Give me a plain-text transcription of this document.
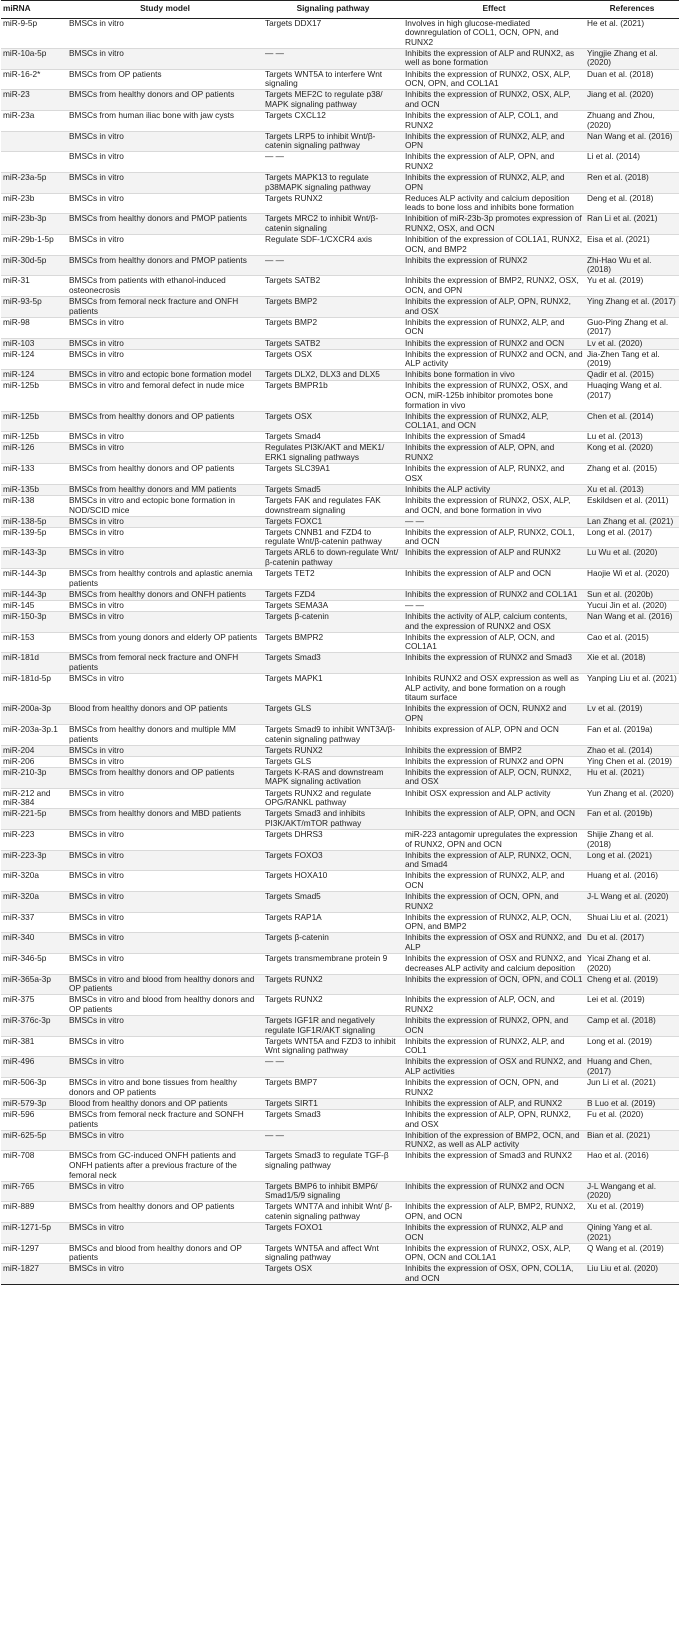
miRNA	Study model	Signaling pathway	Effect	References
miR-9-5p	BMSCs in vitro	Targets DDX17	Involves in high glucose-mediated downregulation of COL1, OCN, OPN, and RUNX2	He et al. (2021)
miR-10a-5p	BMSCs in vitro	— —	Inhibits the expression of ALP and RUNX2, as well as bone formation	Yingjie Zhang et al. (2020)
miR-16-2*	BMSCs from OP patients	Targets WNT5A to interfere Wnt signaling	Inhibits the expression of RUNX2, OSX, ALP, OCN, OPN, and COL1A1	Duan et al. (2018)
miR-23	BMSCs from healthy donors and OP patients	Targets MEF2C to regulate p38/ MAPK signaling pathway	Inhibits the expression of RUNX2, OSX, ALP, and OCN	Jiang et al. (2020)
miR-23a	BMSCs from human iliac bone with jaw cysts	Targets CXCL12	Inhibits the expression of ALP, COL1, and RUNX2	Zhuang and Zhou, (2020)
	BMSCs in vitro	Targets LRP5 to inhibit Wnt/β-catenin signaling pathway	Inhibits the expression of RUNX2, ALP, and OPN	Nan Wang et al. (2016)
	BMSCs in vitro	— —	Inhibits the expression of ALP, OPN, and RUNX2	Li et al. (2014)
miR-23a-5p	BMSCs in vitro	Targets MAPK13 to regulate p38MAPK signaling pathway	Inhibits the expression of RUNX2, ALP, and OPN	Ren et al. (2018)
miR-23b	BMSCs in vitro	Targets RUNX2	Reduces ALP activity and calcium deposition leads to bone loss and inhibits bone formation	Deng et al. (2018)
miR-23b-3p	BMSCs from healthy donors and PMOP patients	Targets MRC2 to inhibit Wnt/β-catenin signaling	Inhibition of miR-23b-3p promotes expression of RUNX2, OSX, and OCN	Ran Li et al. (2021)
miR-29b-1-5p	BMSCs in vitro	Regulate SDF-1/CXCR4 axis	Inhibition of the expression of COL1A1, RUNX2, OCN, and BMP2	Eisa et al. (2021)
miR-30d-5p	BMSCs from healthy donors and PMOP patients	— —	Inhibits the expression of RUNX2	Zhi-Hao Wu et al. (2018)
miR-31	BMSCs from patients with ethanol-induced osteonecrosis	Targets SATB2	Inhibits the expression of BMP2, RUNX2, OSX, OCN, and OPN	Yu et al. (2019)
miR-93-5p	BMSCs from femoral neck fracture and ONFH patients	Targets BMP2	Inhibits the expression of ALP, OPN, RUNX2, and OSX	Ying Zhang et al. (2017)
miR-98	BMSCs in vitro	Targets BMP2	Inhibits the expression of RUNX2, ALP, and OCN	Guo-Ping Zhang et al. (2017)
miR-103	BMSCs in vitro	Targets SATB2	Inhibits the expression of RUNX2 and OCN	Lv et al. (2020)
miR-124	BMSCs in vitro	Targets OSX	Inhibits the expression of RUNX2 and OCN, and ALP activity	Jia-Zhen Tang et al. (2019)
miR-124	BMSCs in vitro and ectopic bone formation model	Targets DLX2, DLX3 and DLX5	Inhibits bone formation in vivo	Qadir et al. (2015)
miR-125b	BMSCs in vitro and femoral defect in nude mice	Targets BMPR1b	Inhibits the expression of RUNX2, OSX, and OCN, miR-125b inhibitor promotes bone formation in vivo	Huaqing Wang et al. (2017)
miR-125b	BMSCs from healthy donors and OP patients	Targets OSX	Inhibits the expression of RUNX2, ALP, COL1A1, and OCN	Chen et al. (2014)
miR-125b	BMSCs in vitro	Targets Smad4	Inhibits the expression of Smad4	Lu et al. (2013)
miR-126	BMSCs in vitro	Regulates PI3K/AKT and MEK1/ ERK1 signaling pathways	Inhibits the expression of ALP, OPN, and RUNX2	Kong et al. (2020)
miR-133	BMSCs from healthy donors and OP patients	Targets SLC39A1	Inhibits the expression of ALP, RUNX2, and OSX	Zhang et al. (2015)
miR-135b	BMSCs from healthy donors and MM patients	Targets Smad5	Inhibits the ALP activity	Xu et al. (2013)
miR-138	BMSCs in vitro and ectopic bone formation in NOD/SCID mice	Targets FAK and regulates FAK downstream signaling	Inhibits the expression of RUNX2, OSX, ALP, and OCN, and bone formation in vivo	Eskildsen et al. (2011)
miR-138-5p	BMSCs in vitro	Targets FOXC1	— —	Lan Zhang et al. (2021)
miR-139-5p	BMSCs in vitro	Targets CNNB1 and FZD4 to regulate Wnt/β-catenin pathway	Inhibits the expression of ALP, RUNX2, COL1, and OCN	Long et al. (2017)
miR-143-3p	BMSCs in vitro	Targets ARL6 to down-regulate Wnt/β-catenin pathway	Inhibits the expression of ALP and RUNX2	Lu Wu et al. (2020)
miR-144-3p	BMSCs from healthy controls and aplastic anemia patients	Targets TET2	Inhibits the expression of ALP and OCN	Haojie Wi et al. (2020)
miR-144-3p	BMSCs from healthy donors and ONFH patients	Targets FZD4	Inhibits the expression of RUNX2 and COL1A1	Sun et al. (2020b)
miR-145	BMSCs in vitro	Targets SEMA3A	— —	Yucui Jin et al. (2020)
miR-150-3p	BMSCs in vitro	Targets β-catenin	Inhibits the activity of ALP, calcium contents, and the expression of RUNX2 and OSX	Nan Wang et al. (2016)
miR-153	BMSCs from young donors and elderly OP patients	Targets BMPR2	Inhibits the expression of ALP, OCN, and COL1A1	Cao et al. (2015)
miR-181d	BMSCs from femoral neck fracture and ONFH patients	Targets Smad3	Inhibits the expression of RUNX2 and Smad3	Xie et al. (2018)
miR-181d-5p	BMSCs in vitro	Targets MAPK1	Inhibits RUNX2 and OSX expression as well as ALP activity, and bone formation on a rough titaum surface	Yanping Liu et al. (2021)
miR-200a-3p	Blood from healthy donors and OP patients	Targets GLS	Inhibits the expression of OCN, RUNX2 and OPN	Lv et al. (2019)
miR-203a-3p.1	BMSCs from healthy donors and multiple MM patients	Targets Smad9 to inhibit WNT3A/β-catenin signaling pathway	Inhibits expression of ALP, OPN and OCN	Fan et al. (2019a)
miR-204	BMSCs in vitro	Targets RUNX2	Inhibits the expression of BMP2	Zhao et al. (2014)
miR-206	BMSCs in vitro	Targets GLS	Inhibits the expression of RUNX2 and OPN	Ying Chen et al. (2019)
miR-210-3p	BMSCs from healthy donors and OP patients	Targets K-RAS and downstream MAPK signaling activation	Inhibits the expression of ALP, OCN, RUNX2, and OSX	Hu et al. (2021)
miR-212 and miR-384	BMSCs in vitro	Targets RUNX2 and regulate OPG/RANKL pathway	Inhibit OSX expression and ALP activity	Yun Zhang et al. (2020)
miR-221-5p	BMSCs from healthy donors and MBD patients	Targets Smad3 and inhibits PI3K/AKT/mTOR pathway	Inhibits the expression of ALP, OPN, and OCN	Fan et al. (2019b)
miR-223	BMSCs in vitro	Targets DHRS3	miR-223 antagomir upregulates the expression of RUNX2, OPN and OCN	Shijie Zhang et al. (2018)
miR-223-3p	BMSCs in vitro	Targets FOXO3	Inhibits the expression of ALP, RUNX2, OCN, and Smad4	Long et al. (2021)
miR-320a	BMSCs in vitro	Targets HOXA10	Inhibits the expression of RUNX2, ALP, and OCN	Huang et al. (2016)
miR-320a	BMSCs in vitro	Targets Smad5	Inhibits the expression of OCN, OPN, and RUNX2	J-L Wang et al. (2020)
miR-337	BMSCs in vitro	Targets RAP1A	Inhibits the expression of RUNX2, ALP, OCN, OPN, and BMP2	Shuai Liu et al. (2021)
miR-340	BMSCs in vitro	Targets β-catenin	Inhibits the expression of OSX and RUNX2, and ALP	Du et al. (2017)
miR-346-5p	BMSCs in vitro	Targets transmembrane protein 9	Inhibits the expression of OSX and RUNX2, and decreases ALP activity and calcium deposition	Yicai Zhang et al. (2020)
miR-365a-3p	BMSCs in vitro and blood from healthy donors and OP patients	Targets RUNX2	Inhibits the expression of OCN, OPN, and COL1	Cheng et al. (2019)
miR-375	BMSCs in vitro and blood from healthy donors and OP patients	Targets RUNX2	Inhibits the expression of ALP, OCN, and RUNX2	Lei et al. (2019)
miR-376c-3p	BMSCs in vitro	Targets IGF1R and negatively regulate IGF1R/AKT signaling	Inhibits the expression of RUNX2, OPN, and OCN	Camp et al. (2018)
miR-381	BMSCs in vitro	Targets WNT5A and FZD3 to inhibit Wnt signaling pathway	Inhibits the expression of RUNX2, ALP, and COL1	Long et al. (2019)
miR-496	BMSCs in vitro	— —	Inhibits the expression of OSX and RUNX2, and ALP activities	Huang and Chen, (2017)
miR-506-3p	BMSCs in vitro and bone tissues from healthy donors and OP patients	Targets BMP7	Inhibits the expression of OCN, OPN, and RUNX2	Jun Li et al. (2021)
miR-579-3p	Blood from healthy donors and OP patients	Targets SIRT1	Inhibits the expression of ALP, and RUNX2	B Luo et al. (2019)
miR-596	BMSCs from femoral neck fracture and SONFH patients	Targets Smad3	Inhibits the expression of ALP, OPN, RUNX2, and OSX	Fu et al. (2020)
miR-625-5p	BMSCs in vitro	— —	Inhibition of the expression of BMP2, OCN, and RUNX2, as well as ALP activity	Bian et al. (2021)
miR-708	BMSCs from GC-induced ONFH patients and ONFH patients after a previous fracture of the femoral neck	Targets Smad3 to regulate TGF-β signaling pathway	Inhibits the expression of Smad3 and RUNX2	Hao et al. (2016)
miR-765	BMSCs in vitro	Targets BMP6 to inhibit BMP6/ Smad1/5/9 signaling	Inhibits the expression of RUNX2 and OCN	J-L Wangang et al. (2020)
miR-889	BMSCs from healthy donors and OP patients	Targets WNT7A and inhibit Wnt/ β-catenin signaling pathway	Inhibits the expression of ALP, BMP2, RUNX2, OPN, and OCN	Xu et al. (2019)
miR-1271-5p	BMSCs in vitro	Targets FOXO1	Inhibits the expression of RUNX2, ALP and OCN	Qining Yang et al. (2021)
miR-1297	BMSCs and blood from healthy donors and OP patients	Targets WNT5A and affect Wnt signaling pathway	Inhibits the expression of RUNX2, OSX, ALP, OPN, OCN and COL1A1	Q Wang et al. (2019)
miR-1827	BMSCs in vitro	Targets OSX	Inhibits the expression of OSX, OPN, COL1A, and OCN	Liu Liu et al. (2020)
